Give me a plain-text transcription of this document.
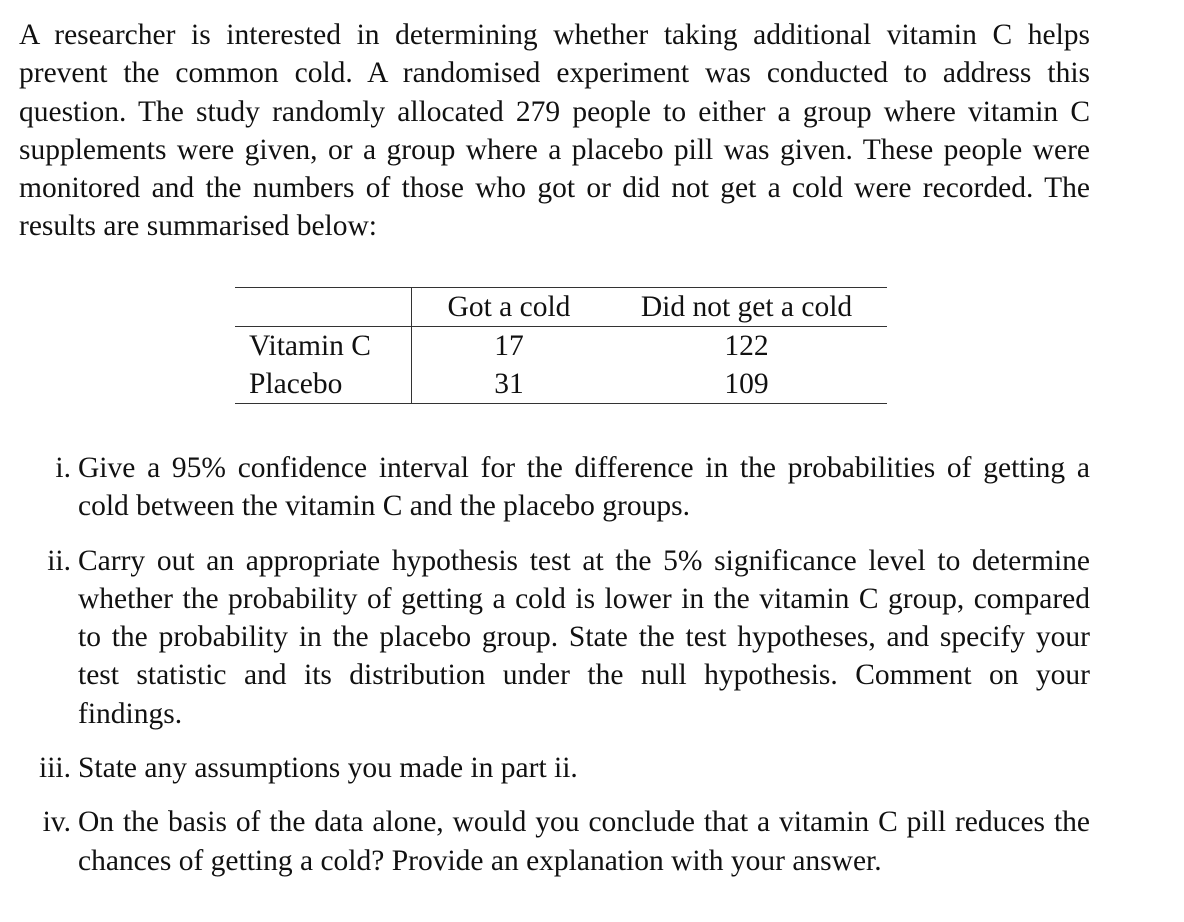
A researcher is interested in determining whether taking additional vitamin C helps prevent the common cold. A randomised experiment was conducted to address this question. The study randomly allocated 279 people to either a group where vitamin C supplements were given, or a group where a placebo pill was given. These people were monitored and the numbers of those who got or did not get a cold were recorded. The results are summarised below:

	Got a cold	Did not get a cold
Vitamin C	17	122
Placebo	31	109
i. Give a 95% confidence interval for the difference in the probabilities of getting a cold between the vitamin C and the placebo groups.
ii. Carry out an appropriate hypothesis test at the 5% significance level to determine whether the probability of getting a cold is lower in the vitamin C group, compared to the probability in the placebo group. State the test hypotheses, and specify your test statistic and its distribution under the null hypothesis. Comment on your findings.
iii. State any assumptions you made in part ii.
iv. On the basis of the data alone, would you conclude that a vitamin C pill reduces the chances of getting a cold? Provide an explanation with your answer.
